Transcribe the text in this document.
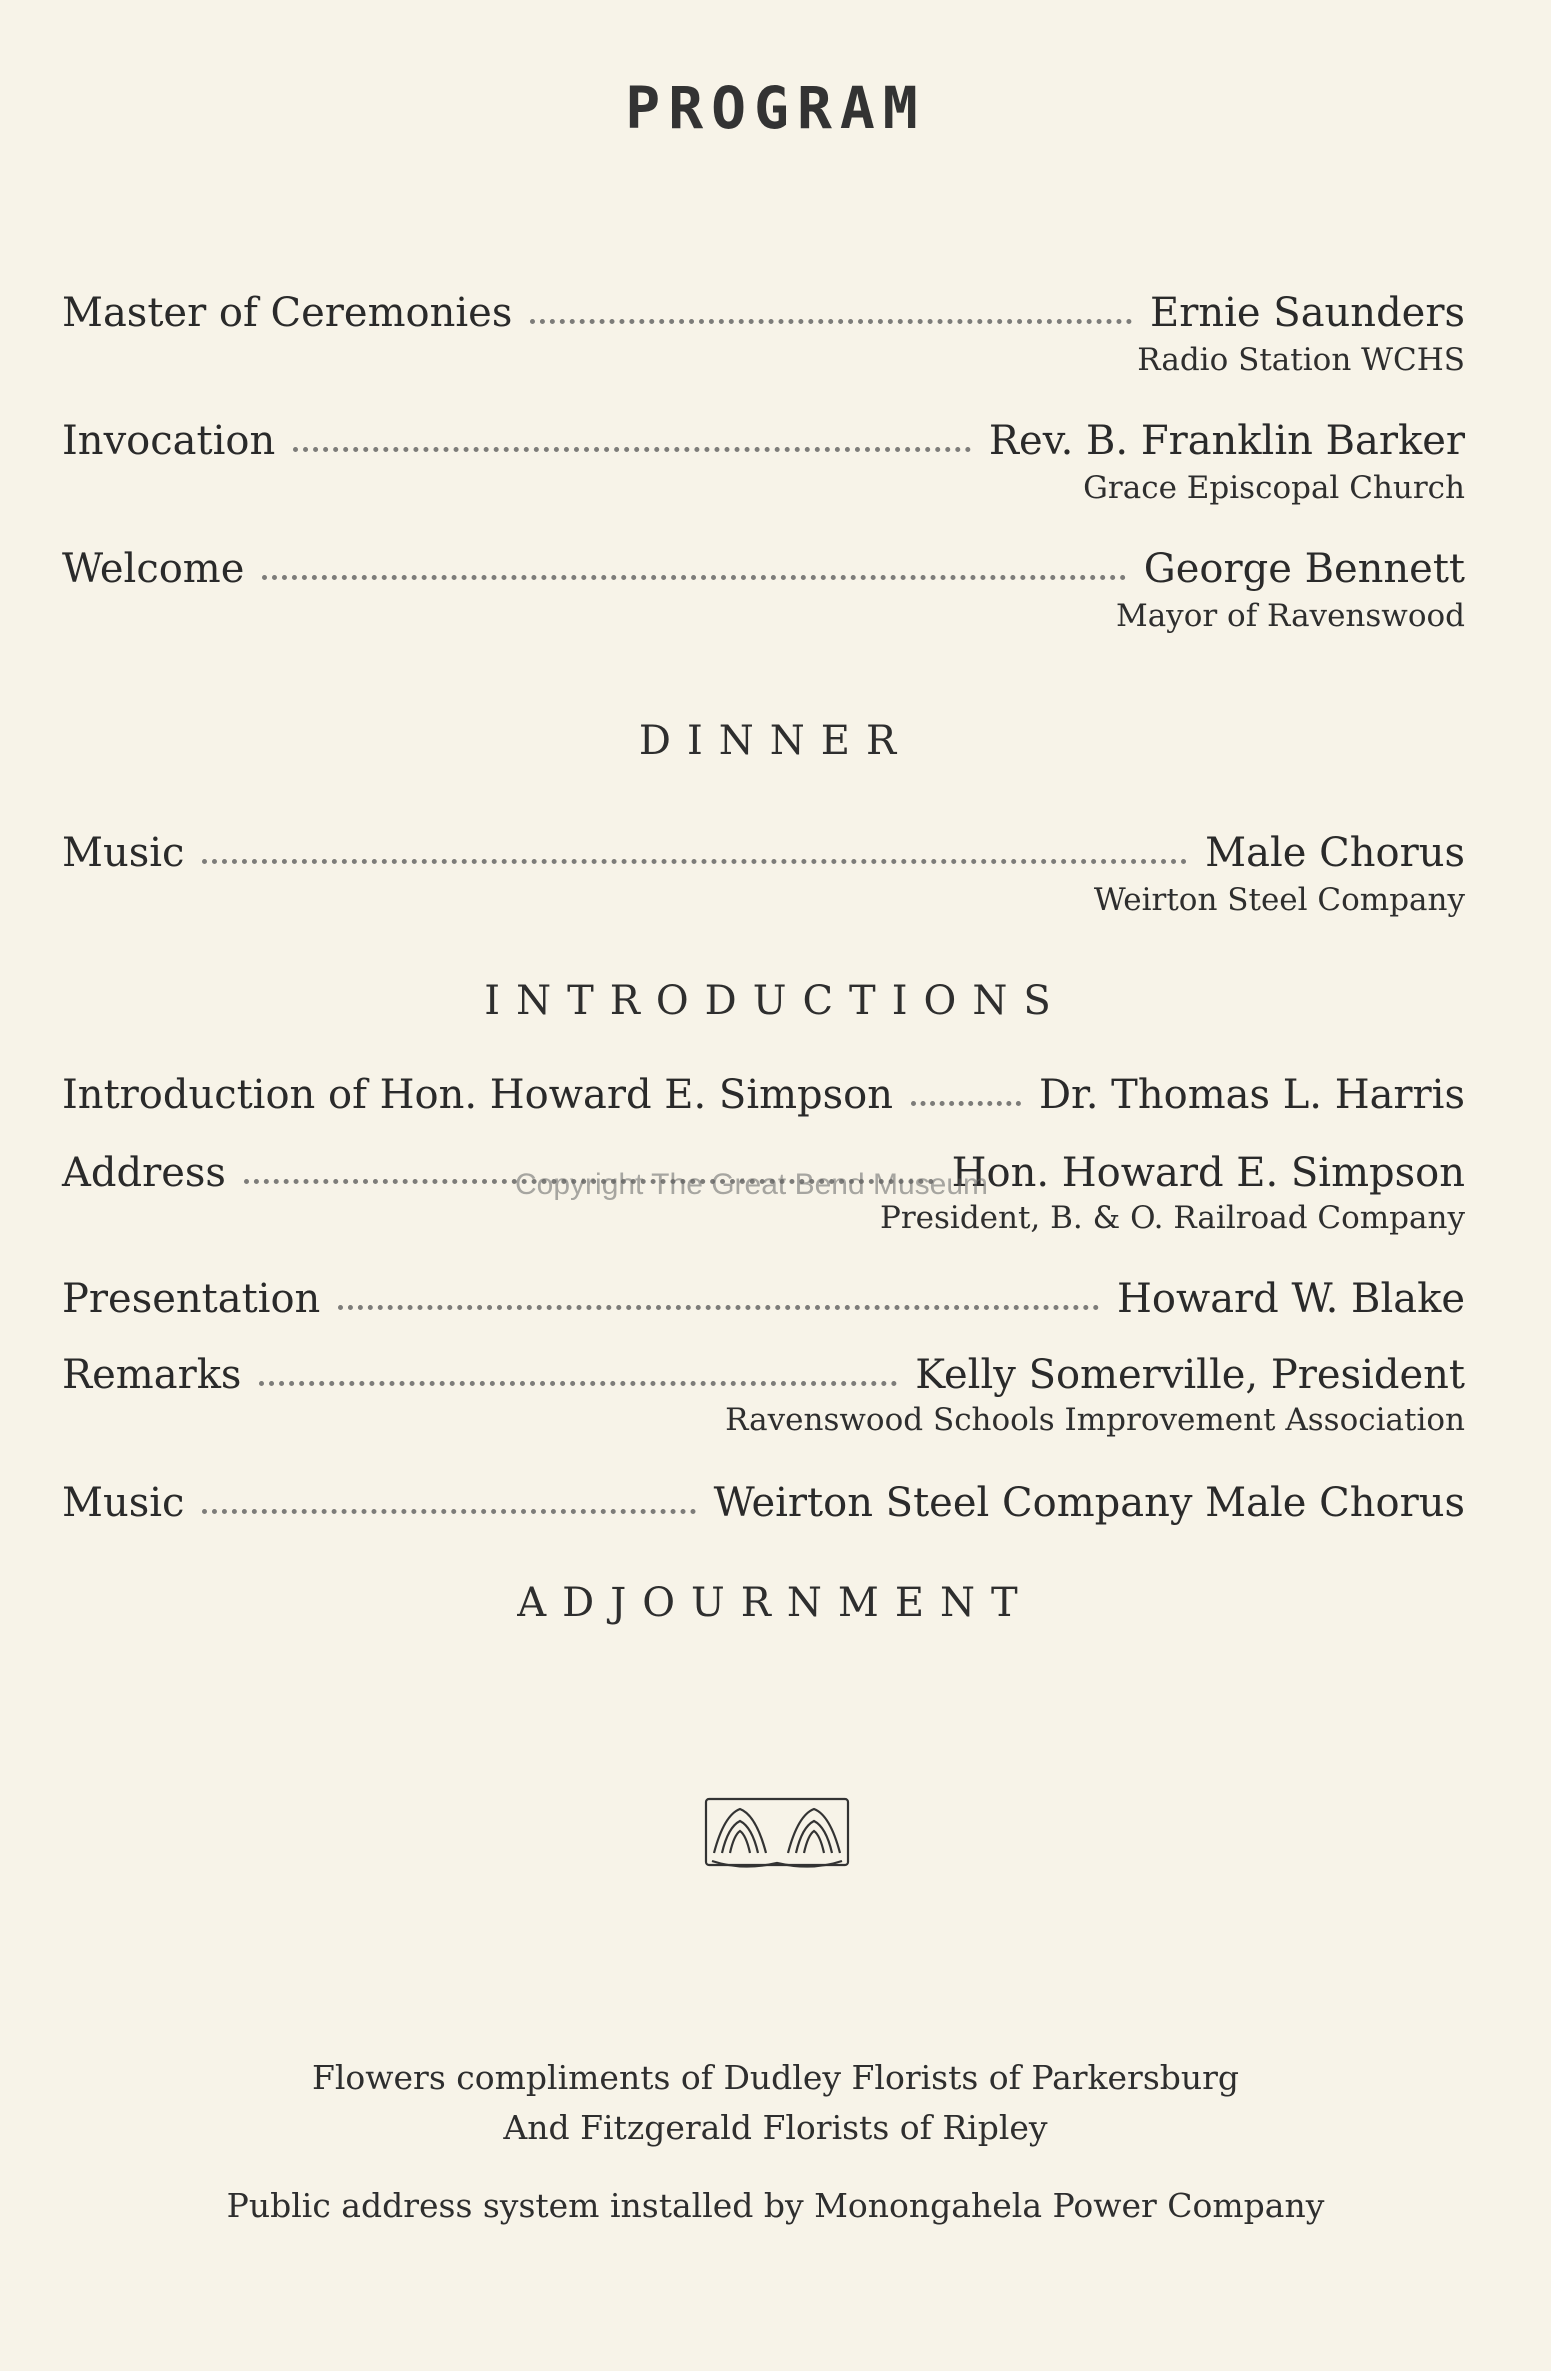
PROGRAM
Master of Ceremonies	Ernie Saunders
Radio Station WCHS
Invocation	Rev. B. Franklin Barker
Grace Episcopal Church
Welcome	George Bennett
Mayor of Ravenswood
DINNER
Music	Male Chorus
Weirton Steel Company
INTRODUCTIONS
Introduction of Hon. Howard E. Simpson	Dr. Thomas L. Harris
Address	Hon. Howard E. Simpson
President, B. & O. Railroad Company
Presentation	Howard W. Blake
Remarks	Kelly Somerville, President
Ravenswood Schools Improvement Association
Music	Weirton Steel Company Male Chorus
ADJOURNMENT
Copyright The Great Bend Museum
Flowers compliments of Dudley Florists of Parkersburg
And Fitzgerald Florists of Ripley
Public address system installed by Monongahela Power Company
